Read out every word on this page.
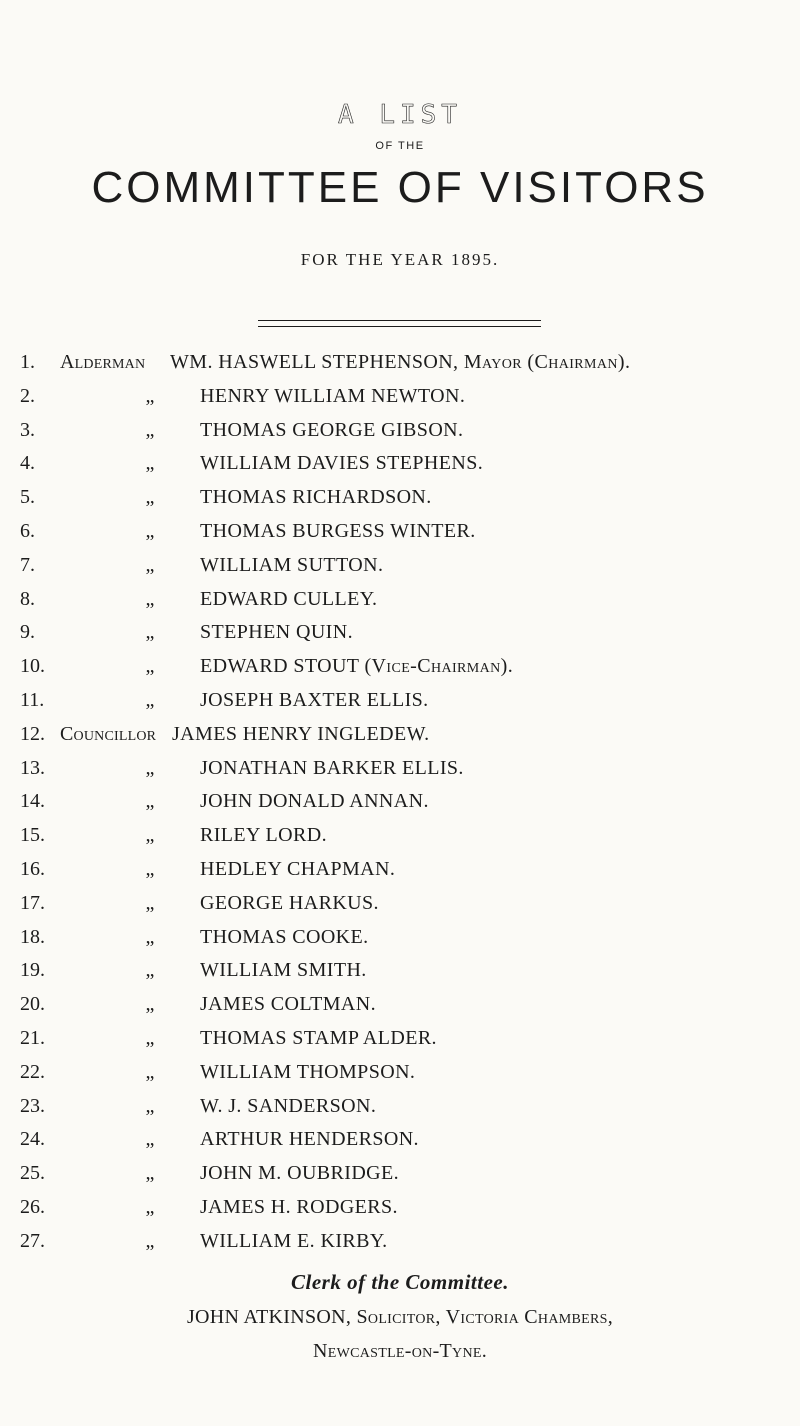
A LIST
OF THE
COMMITTEE OF VISITORS
FOR THE YEAR 1895.
1.	Alderman WM. HASWELL STEPHENSON, Mayor (Chairman).
2.	„	HENRY WILLIAM NEWTON.
3.	„	THOMAS GEORGE GIBSON.
4.	„	WILLIAM DAVIES STEPHENS.
5.	„	THOMAS RICHARDSON.
6.	„	THOMAS BURGESS WINTER.
7.	„	WILLIAM SUTTON.
8.	„	EDWARD CULLEY.
9.	„	STEPHEN QUIN.
10.	„	EDWARD STOUT (Vice-Chairman).
11.	„	JOSEPH BAXTER ELLIS.
12. Councillor JAMES HENRY INGLEDEW.
13.	„	JONATHAN BARKER ELLIS.
14.	„	JOHN DONALD ANNAN.
15.	„	RILEY LORD.
16.	„	HEDLEY CHAPMAN.
17.	„	GEORGE HARKUS.
18.	„	THOMAS COOKE.
19.	„	WILLIAM SMITH.
20.	„	JAMES COLTMAN.
21.	„	THOMAS STAMP ALDER.
22.	„	WILLIAM THOMPSON.
23.	„	W. J. SANDERSON.
24.	„	ARTHUR HENDERSON.
25.	„	JOHN M. OUBRIDGE.
26.	„	JAMES H. RODGERS.
27.	„	WILLIAM E. KIRBY.
Clerk of the Committee.
JOHN ATKINSON, Solicitor, Victoria Chambers,
Newcastle-on-Tyne.
